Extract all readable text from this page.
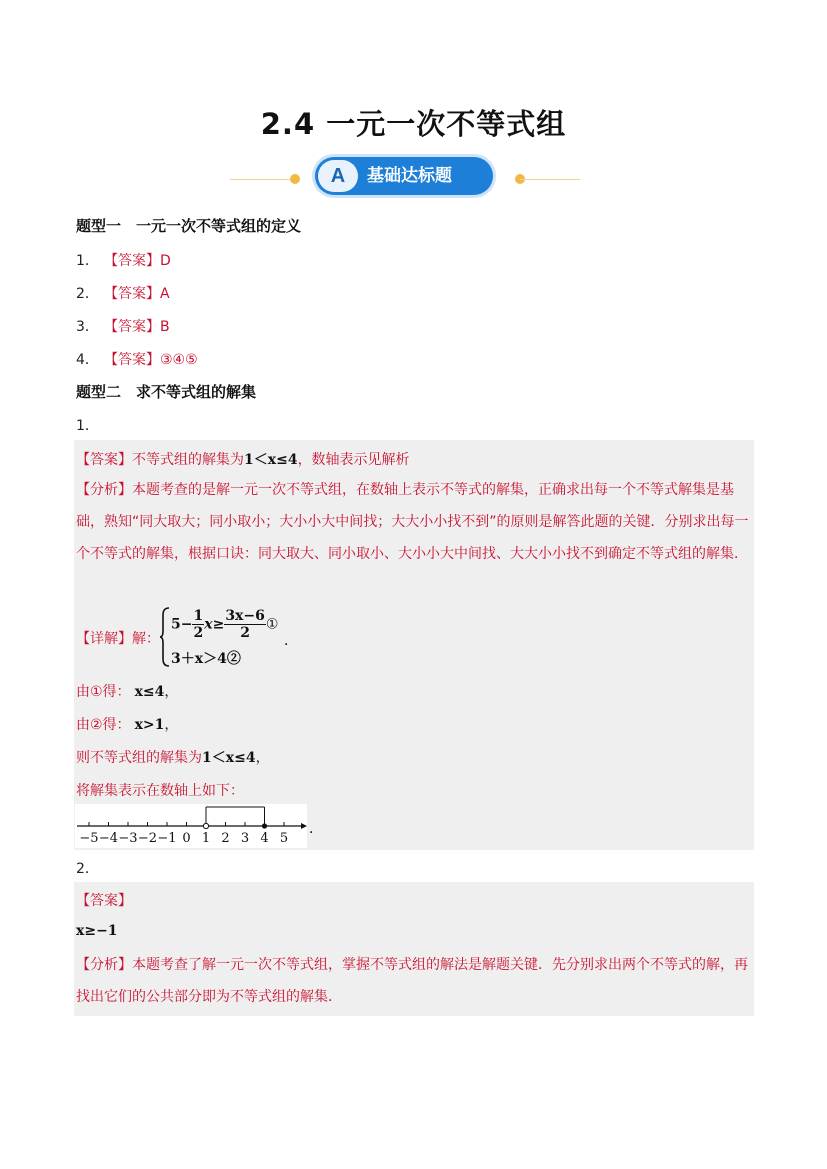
2.4 一元一次不等式组
A	基础达标题
题型一　一元一次不等式组的定义
1． 【答案】D
2． 【答案】A
3． 【答案】B
4． 【答案】③④⑤
题型二　求不等式组的解集
1．
【答案】不等式组的解集为1＜x≤4，数轴表示见解析
【分析】本题考查的是解一元一次不等式组，在数轴上表示不等式的解集，正确求出每一个不等式解集是基础，熟知“同大取大；同小取小；大小小大中间找；大大小小找不到”的原则是解答此题的关键．分别求出每一个不等式的解集，根据口诀：同大取大、同小取小、大小小大中间找、大大小小找不到确定不等式组的解集．
【详解】解：
$5- \frac{1}{2} x\ge \frac{3x-6}{2}$ ①
3＋x＞4②
．
由①得： x≤4，
由②得： x>1，
则不等式组的解集为1＜x≤4，
将解集表示在数轴上如下：
−5 −4 −3 −2 −1 0 1 2 3 4 5
．
2．
【答案】
x≥−1
【分析】本题考查了解一元一次不等式组，掌握不等式组的解法是解题关键．先分别求出两个不等式的解，再找出它们的公共部分即为不等式组的解集．
